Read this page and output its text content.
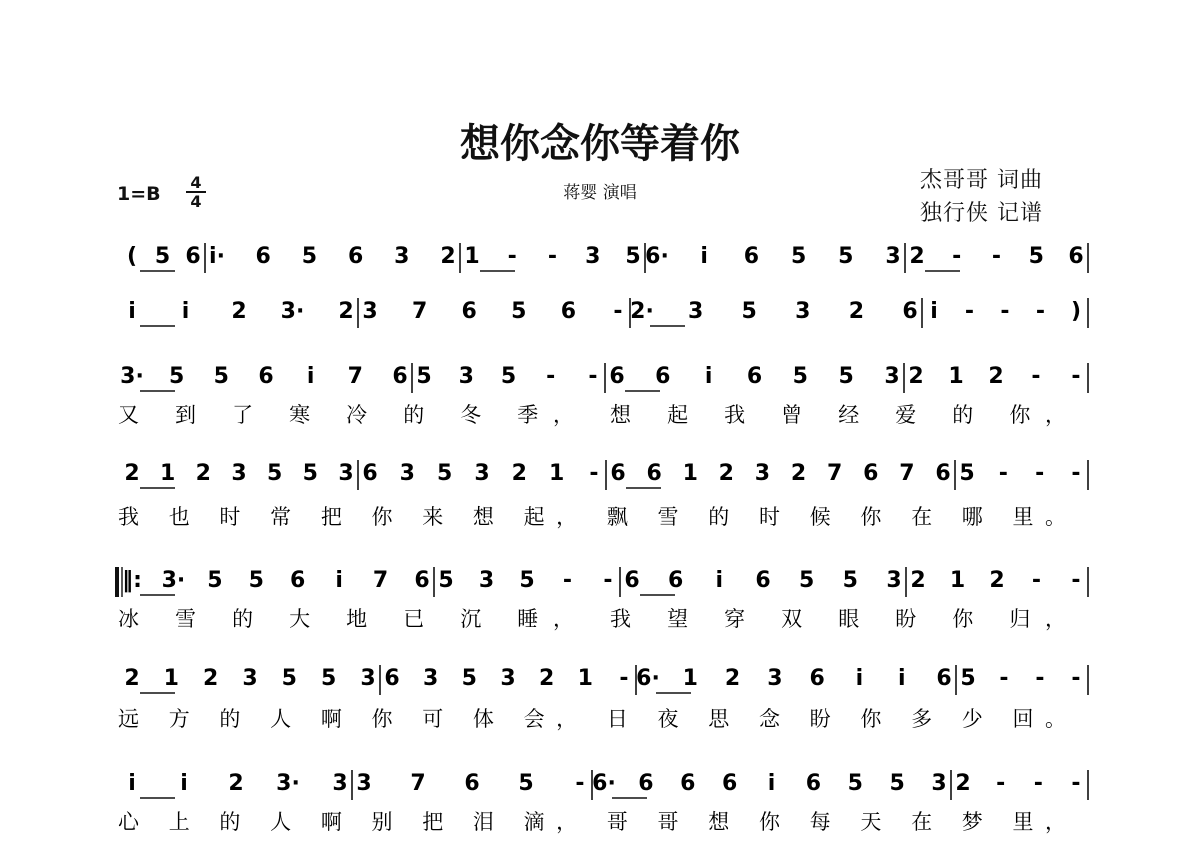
想你念你等着你
蒋婴 演唱	杰哥哥 词曲
独行侠 记谱
$1=B \frac{4}{4}$
( 5 6 i· 6 5 6 3 2 1 - - 3 5 6· i 6 5 5 3 2 - - 5 6
i i 2 3· 2 3 7 6 5 6 - 2· 3 5 3 2 6 i - - - )
3· 5 5 6 i 7 6 5 3 5 - - 6 6 i 6 5 5 3 2 1 2 - -
又 到 了 寒 冷 的 冬 季， 想 起 我 曾 经 爱 的 你，
2 1 2 3 5 5 3 6 3 5 3 2 1 - 6 6 1 2 3 2 7 6 7 6 5 - - -
我 也 时 常 把 你 来 想 起， 飘 雪 的 时 候 你 在 哪 里。
‖: 3· 5 5 6 i 7 6 5 3 5 - - 6 6 i 6 5 5 3 2 1 2 - -
冰 雪 的 大 地 已 沉 睡， 我 望 穿 双 眼 盼 你 归，
2 1 2 3 5 5 3 6 3 5 3 2 1 - 6· 1 2 3 6 i i 6 5 - - -
远 方 的 人 啊 你 可 体 会， 日 夜 思 念 盼 你 多 少 回。
i i 2 3· 3 3 7 6 5 - 6· 6 6 6 i 6 5 5 3 2 - - -
心 上 的 人 啊 别 把 泪 滴， 哥 哥 想 你 每 天 在 梦 里，
